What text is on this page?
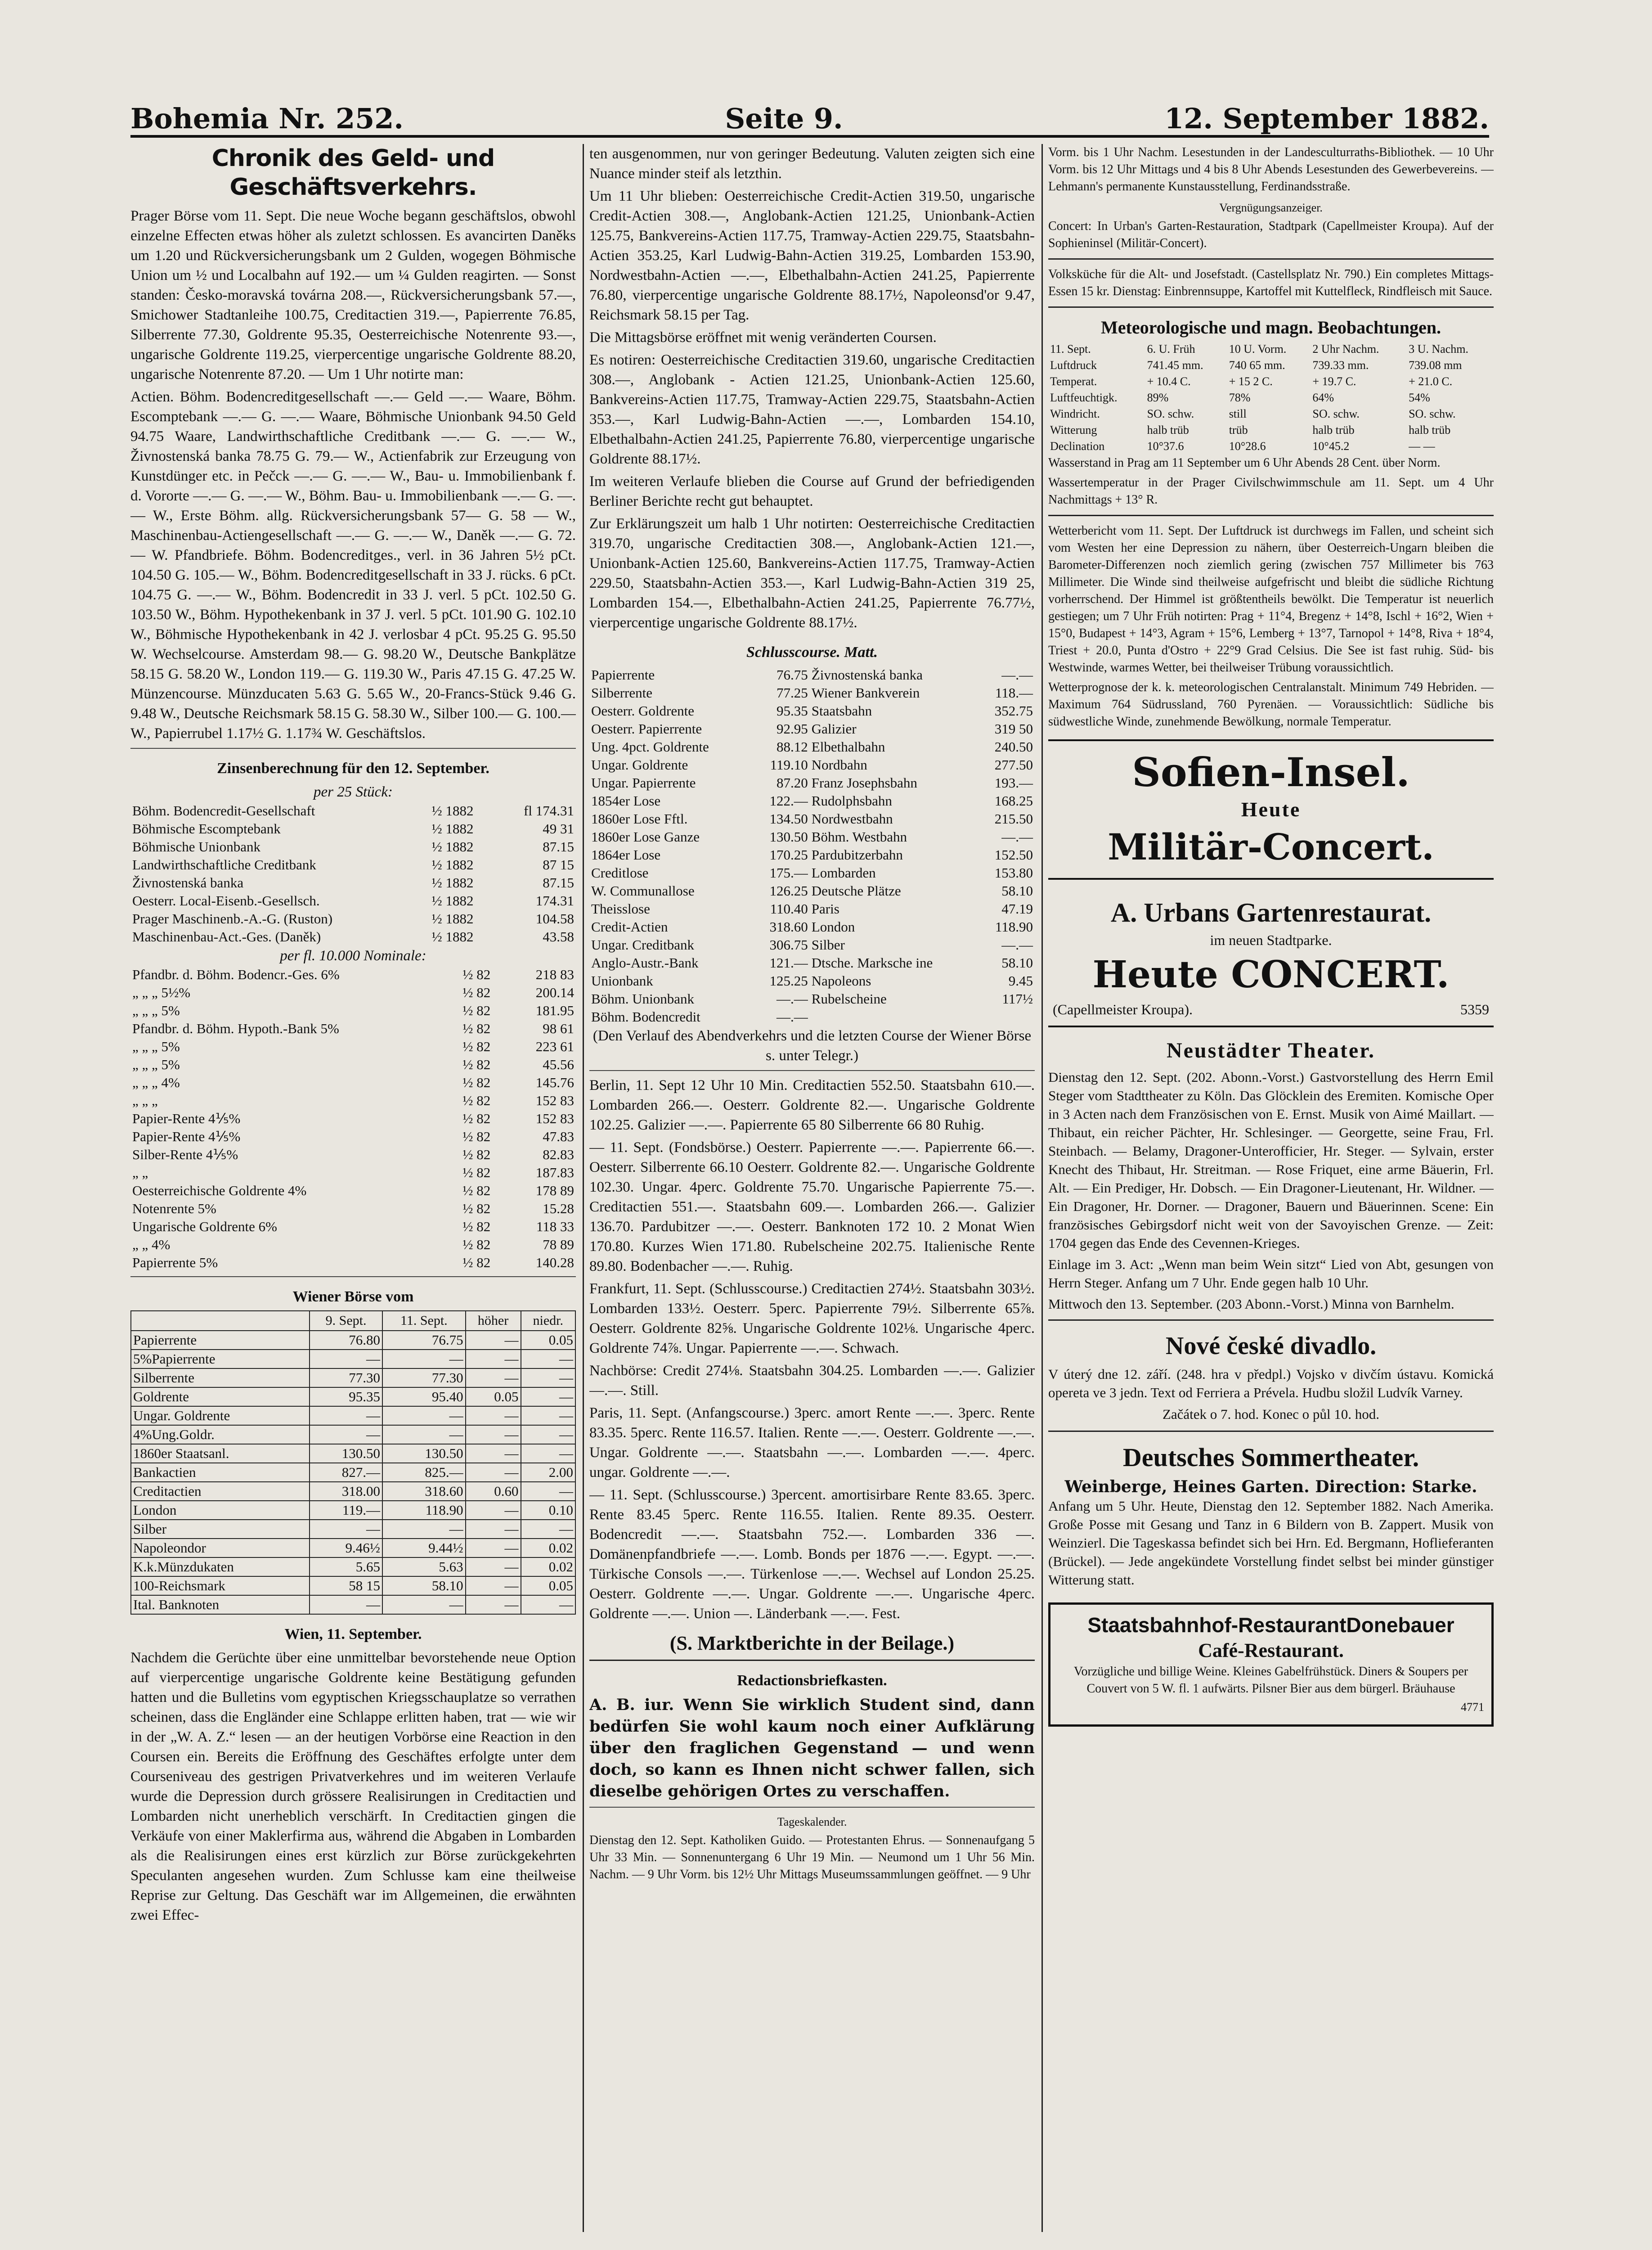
Bohemia Nr. 252.	Seite 9.	12. September 1882.
Chronik des Geld- und Geschäftsverkehrs.

Prager Börse vom 11. Sept. Die neue Woche begann geschäftslos, obwohl einzelne Effecten etwas höher als zuletzt schlossen. Es avancirten Daněks um 1.20 und Rückversicherungsbank um 2 Gulden, wogegen Böhmische Union um ½ und Localbahn auf 192.— um ¼ Gulden reagirten. — Sonst standen: Česko-moravská továrna 208.—, Rückversicherungsbank 57.—, Smichower Stadtanleihe 100.75, Creditactien 319.—, Papierrente 76.85, Silberrente 77.30, Goldrente 95.35, Oesterreichische Notenrente 93.—, ungarische Goldrente 119.25, vierpercentige ungarische Goldrente 88.20, ungarische Notenrente 87.20. — Um 1 Uhr notirte man:

Actien. Böhm. Bodencreditgesellschaft —.— Geld —.— Waare, Böhm. Escomptebank —.— G. —.— Waare, Böhmische Unionbank 94.50 Geld 94.75 Waare, Landwirthschaftliche Creditbank —.— G. —.— W., Živnostenská banka 78.75 G. 79.— W., Actienfabrik zur Erzeugung von Kunstdünger etc. in Pečck —.— G. —.— W., Bau- u. Immobilienbank f. d. Vororte —.— G. —.— W., Böhm. Bau- u. Immobilienbank —.— G. —.— W., Erste Böhm. allg. Rückversicherungsbank 57— G. 58 — W., Maschinenbau-Actiengesellschaft —.— G. —.— W., Daněk —.— G. 72.— W. Pfandbriefe. Böhm. Bodencreditges., verl. in 36 Jahren 5½ pCt. 104.50 G. 105.— W., Böhm. Bodencreditgesellschaft in 33 J. rücks. 6 pCt. 104.75 G. —.— W., Böhm. Bodencredit in 33 J. verl. 5 pCt. 102.50 G. 103.50 W., Böhm. Hypothekenbank in 37 J. verl. 5 pCt. 101.90 G. 102.10 W., Böhmische Hypothekenbank in 42 J. verlosbar 4 pCt. 95.25 G. 95.50 W. Wechselcourse. Amsterdam 98.— G. 98.20 W., Deutsche Bankplätze 58.15 G. 58.20 W., London 119.— G. 119.30 W., Paris 47.15 G. 47.25 W. Münzencourse. Münzducaten 5.63 G. 5.65 W., 20-Francs-Stück 9.46 G. 9.48 W., Deutsche Reichsmark 58.15 G. 58.30 W., Silber 100.— G. 100.— W., Papierrubel 1.17½ G. 1.17¾ W. Geschäftslos.

Zinsenberechnung für den 12. September.
per 25 Stück:
Böhm. Bodencredit-Gesellschaft	½ 1882	fl 174.31
Böhmische Escomptebank	½ 1882	49 31
Böhmische Unionbank	½ 1882	87.15
Landwirthschaftliche Creditbank	½ 1882	87 15
Živnostenská banka	½ 1882	87.15
Oesterr. Local-Eisenb.-Gesellsch.	½ 1882	174.31
Prager Maschinenb.-A.-G. (Ruston)	½ 1882	104.58
Maschinenbau-Act.-Ges. (Daněk)	½ 1882	43.58
per fl. 10.000 Nominale:
Pfandbr. d. Böhm. Bodencr.-Ges. 6%	½ 82	218 83
„ „ „ 5½%	½ 82	200.14
„ „ „ 5%	½ 82	181.95
Pfandbr. d. Böhm. Hypoth.-Bank 5%	½ 82	98 61
„ „ „ 5%	½ 82	223 61
„ „ „ 5%	½ 82	45.56
„ „ „ 4%	½ 82	145.76
„ „ „	½ 82	152 83
Papier-Rente 4⅕%	½ 82	152 83
Papier-Rente 4⅕%	½ 82	47.83
Silber-Rente 4⅕%	½ 82	82.83
„ „	½ 82	187.83
Oesterreichische Goldrente 4%	½ 82	178 89
Notenrente 5%	½ 82	15.28
Ungarische Goldrente 6%	½ 82	118 33
„ „ 4%	½ 82	78 89
Papierrente 5%	½ 82	140.28
Wiener Börse vom
	9. Sept.	11. Sept.	höher	niedr.
Papierrente	76.80	76.75	—	0.05
5%Papierrente	—	—	—	—
Silberrente	77.30	77.30	—	—
Goldrente	95.35	95.40	0.05	—
Ungar. Goldrente	—	—	—	—
4%Ung.Goldr.	—	—	—	—
1860er Staatsanl.	130.50	130.50	—	—
Bankactien	827.—	825.—	—	2.00
Creditactien	318.00	318.60	0.60	—
London	119.—	118.90	—	0.10
Silber	—	—	—	—
Napoleondor	9.46½	9.44½	—	0.02
K.k.Münzdukaten	5.65	5.63	—	0.02
100-Reichsmark	58 15	58.10	—	0.05
Ital. Banknoten	—	—	—	—
Wien, 11. September.

Nachdem die Gerüchte über eine unmittelbar bevorstehende neue Option auf vierpercentige ungarische Goldrente keine Bestätigung gefunden hatten und die Bulletins vom egyptischen Kriegsschauplatze so verrathen scheinen, dass die Engländer eine Schlappe erlitten haben, trat — wie wir in der „W. A. Z.“ lesen — an der heutigen Vorbörse eine Reaction in den Coursen ein. Bereits die Eröffnung des Geschäftes erfolgte unter dem Courseniveau des gestrigen Privatverkehres und im weiteren Verlaufe wurde die Depression durch grössere Realisirungen in Creditactien und Lombarden nicht unerheblich verschärft. In Creditactien gingen die Verkäufe von einer Maklerfirma aus, während die Abgaben in Lombarden als die Realisirungen eines erst kürzlich zur Börse zurückgekehrten Speculanten angesehen wurden. Zum Schlusse kam eine theilweise Reprise zur Geltung. Das Geschäft war im Allgemeinen, die erwähnten zwei Effec-

ten ausgenommen, nur von geringer Bedeutung. Valuten zeigten sich eine Nuance minder steif als letzthin.

Um 11 Uhr blieben: Oesterreichische Credit-Actien 319.50, ungarische Credit-Actien 308.—, Anglobank-Actien 121.25, Unionbank-Actien 125.75, Bankvereins-Actien 117.75, Tramway-Actien 229.75, Staatsbahn-Actien 353.25, Karl Ludwig-Bahn-Actien 319.25, Lombarden 153.90, Nordwestbahn-Actien —.—, Elbethalbahn-Actien 241.25, Papierrente 76.80, vierpercentige ungarische Goldrente 88.17½, Napoleonsd'or 9.47, Reichsmark 58.15 per Tag.

Die Mittagsbörse eröffnet mit wenig veränderten Coursen.

Es notiren: Oesterreichische Creditactien 319.60, ungarische Creditactien 308.—, Anglobank - Actien 121.25, Unionbank-Actien 125.60, Bankvereins-Actien 117.75, Tramway-Actien 229.75, Staatsbahn-Actien 353.—, Karl Ludwig-Bahn-Actien —.—, Lombarden 154.10, Elbethalbahn-Actien 241.25, Papierrente 76.80, vierpercentige ungarische Goldrente 88.17½.

Im weiteren Verlaufe blieben die Course auf Grund der befriedigenden Berliner Berichte recht gut behauptet.

Zur Erklärungszeit um halb 1 Uhr notirten: Oesterreichische Creditactien 319.70, ungarische Creditactien 308.—, Anglobank-Actien 121.—, Unionbank-Actien 125.60, Bankvereins-Actien 117.75, Tramway-Actien 229.50, Staatsbahn-Actien 353.—, Karl Ludwig-Bahn-Actien 319 25, Lombarden 154.—, Elbethalbahn-Actien 241.25, Papierrente 76.77½, vierpercentige ungarische Goldrente 88.17½.

Schlusscourse. Matt.
Papierrente	76.75	Živnostenská banka	—.—
Silberrente	77.25	Wiener Bankverein	118.—
Oesterr. Goldrente	95.35	Staatsbahn	352.75
Oesterr. Papierrente	92.95	Galizier	319 50
Ung. 4pct. Goldrente	88.12	Elbethalbahn	240.50
Ungar. Goldrente	119.10	Nordbahn	277.50
Ungar. Papierrente	87.20	Franz Josephsbahn	193.—
1854er Lose	122.—	Rudolphsbahn	168.25
1860er Lose Fftl.	134.50	Nordwestbahn	215.50
1860er Lose Ganze	130.50	Böhm. Westbahn	—.—
1864er Lose	170.25	Pardubitzerbahn	152.50
Creditlose	175.—	Lombarden	153.80
W. Communallose	126.25	Deutsche Plätze	58.10
Theisslose	110.40	Paris	47.19
Credit-Actien	318.60	London	118.90
Ungar. Creditbank	306.75	Silber	—.—
Anglo-Austr.-Bank	121.—	Dtsche. Marksche ine	58.10
Unionbank	125.25	Napoleons	9.45
Böhm. Unionbank	—.—	Rubelscheine	117½
Böhm. Bodencredit	—.—		

(Den Verlauf des Abendverkehrs und die letzten Course der Wiener Börse s. unter Telegr.)

Berlin, 11. Sept 12 Uhr 10 Min. Creditactien 552.50. Staatsbahn 610.—. Lombarden 266.—. Oesterr. Goldrente 82.—. Ungarische Goldrente 102.25. Galizier —.—. Papierrente 65 80 Silberrente 66 80 Ruhig.

— 11. Sept. (Fondsbörse.) Oesterr. Papierrente —.—. Papierrente 66.—. Oesterr. Silberrente 66.10 Oesterr. Goldrente 82.—. Ungarische Goldrente 102.30. Ungar. 4perc. Goldrente 75.70. Ungarische Papierrente 75.—. Creditactien 551.—. Staatsbahn 609.—. Lombarden 266.—. Galizier 136.70. Pardubitzer —.—. Oesterr. Banknoten 172 10. 2 Monat Wien 170.80. Kurzes Wien 171.80. Rubelscheine 202.75. Italienische Rente 89.80. Bodenbacher —.—. Ruhig.

Frankfurt, 11. Sept. (Schlusscourse.) Creditactien 274½. Staatsbahn 303½. Lombarden 133½. Oesterr. 5perc. Papierrente 79½. Silberrente 65⅞. Oesterr. Goldrente 82⅝. Ungarische Goldrente 102⅛. Ungarische 4perc. Goldrente 74⅞. Ungar. Papierrente —.—. Schwach.

Nachbörse: Credit 274⅛. Staatsbahn 304.25. Lombarden —.—. Galizier —.—. Still.

Paris, 11. Sept. (Anfangscourse.) 3perc. amort Rente —.—. 3perc. Rente 83.35. 5perc. Rente 116.57. Italien. Rente —.—. Oesterr. Goldrente —.—. Ungar. Goldrente —.—. Staatsbahn —.—. Lombarden —.—. 4perc. ungar. Goldrente —.—.

— 11. Sept. (Schlusscourse.) 3percent. amortisirbare Rente 83.65. 3perc. Rente 83.45 5perc. Rente 116.55. Italien. Rente 89.35. Oesterr. Bodencredit —.—. Staatsbahn 752.—. Lombarden 336 —. Domänenpfandbriefe —.—. Lomb. Bonds per 1876 —.—. Egypt. —.—. Türkische Consols —.—. Türkenlose —.—. Wechsel auf London 25.25. Oesterr. Goldrente —.—. Ungar. Goldrente —.—. Ungarische 4perc. Goldrente —.—. Union —. Länderbank —.—. Fest.

(S. Marktberichte in der Beilage.)
Redactionsbriefkasten.

A. B. iur. Wenn Sie wirklich Student sind, dann bedürfen Sie wohl kaum noch einer Aufklärung über den fraglichen Gegenstand — und wenn doch, so kann es Ihnen nicht schwer fallen, sich dieselbe gehörigen Ortes zu verschaffen.

Tageskalender.

Dienstag den 12. Sept. Katholiken Guido. — Protestanten Ehrus. — Sonnenaufgang 5 Uhr 33 Min. — Sonnenuntergang 6 Uhr 19 Min. — Neumond um 1 Uhr 56 Min. Nachm. — 9 Uhr Vorm. bis 12½ Uhr Mittags Museumssammlungen geöffnet. — 9 Uhr

Vorm. bis 1 Uhr Nachm. Lesestunden in der Landesculturraths-Bibliothek. — 10 Uhr Vorm. bis 12 Uhr Mittags und 4 bis 8 Uhr Abends Lesestunden des Gewerbevereins. — Lehmann's permanente Kunstausstellung, Ferdinandsstraße.

Vergnügungsanzeiger.

Concert: In Urban's Garten-Restauration, Stadtpark (Capellmeister Kroupa). Auf der Sophieninsel (Militär-Concert).

Volksküche für die Alt- und Josefstadt. (Castellsplatz Nr. 790.) Ein completes Mittags-Essen 15 kr. Dienstag: Einbrennsuppe, Kartoffel mit Kuttelfleck, Rindfleisch mit Sauce.

Meteorologische und magn. Beobachtungen.
11. Sept.	6. U. Früh	10 U. Vorm.	2 Uhr Nachm.	3 U. Nachm.
Luftdruck	741.45 mm.	740 65 mm.	739.33 mm.	739.08 mm
Temperat.	+ 10.4 C.	+ 15 2 C.	+ 19.7 C.	+ 21.0 C.
Luftfeuchtigk.	89%	78%	64%	54%
Windricht.	SO. schw.	still	SO. schw.	SO. schw.
Witterung	halb trüb	trüb	halb trüb	halb trüb
Declination	10°37.6	10°28.6	10°45.2	— —

Wasserstand in Prag am 11 September um 6 Uhr Abends 28 Cent. über Norm.

Wassertemperatur in der Prager Civilschwimmschule am 11. Sept. um 4 Uhr Nachmittags + 13° R.

Wetterbericht vom 11. Sept. Der Luftdruck ist durchwegs im Fallen, und scheint sich vom Westen her eine Depression zu nähern, über Oesterreich-Ungarn bleiben die Barometer-Differenzen noch ziemlich gering (zwischen 757 Millimeter bis 763 Millimeter. Die Winde sind theilweise aufgefrischt und bleibt die südliche Richtung vorherrschend. Der Himmel ist größtentheils bewölkt. Die Temperatur ist neuerlich gestiegen; um 7 Uhr Früh notirten: Prag + 11°4, Bregenz + 14°8, Ischl + 16°2, Wien + 15°0, Budapest + 14°3, Agram + 15°6, Lemberg + 13°7, Tarnopol + 14°8, Riva + 18°4, Triest + 20.0, Punta d'Ostro + 22°9 Grad Celsius. Die See ist fast ruhig. Süd- bis Westwinde, warmes Wetter, bei theilweiser Trübung voraussichtlich.

Wetterprognose der k. k. meteorologischen Centralanstalt. Minimum 749 Hebriden. — Maximum 764 Südrussland, 760 Pyrenäen. — Voraussichtlich: Südliche bis südwestliche Winde, zunehmende Bewölkung, normale Temperatur.

Sofien-Insel.
Heute
Militär-Concert.
A. Urbans Gartenrestaurat.
im neuen Stadtparke.
Heute CONCERT.
(Capellmeister Kroupa).	5359
Neustädter Theater.

Dienstag den 12. Sept. (202. Abonn.-Vorst.) Gastvorstellung des Herrn Emil Steger vom Stadttheater zu Köln. Das Glöcklein des Eremiten. Komische Oper in 3 Acten nach dem Französischen von E. Ernst. Musik von Aimé Maillart. — Thibaut, ein reicher Pächter, Hr. Schlesinger. — Georgette, seine Frau, Frl. Steinbach. — Belamy, Dragoner-Unterofficier, Hr. Steger. — Sylvain, erster Knecht des Thibaut, Hr. Streitman. — Rose Friquet, eine arme Bäuerin, Frl. Alt. — Ein Prediger, Hr. Dobsch. — Ein Dragoner-Lieutenant, Hr. Wildner. — Ein Dragoner, Hr. Dorner. — Dragoner, Bauern und Bäuerinnen. Scene: Ein französisches Gebirgsdorf nicht weit von der Savoyischen Grenze. — Zeit: 1704 gegen das Ende des Cevennen-Krieges.

Einlage im 3. Act: „Wenn man beim Wein sitzt“ Lied von Abt, gesungen von Herrn Steger. Anfang um 7 Uhr. Ende gegen halb 10 Uhr.

Mittwoch den 13. September. (203 Abonn.-Vorst.) Minna von Barnhelm.

Nové české divadlo.

V úterý dne 12. září. (248. hra v předpl.) Vojsko v divčím ústavu. Komická opereta ve 3 jedn. Text od Ferriera a Prévela. Hudbu složil Ludvík Varney.

Začátek o 7. hod. Konec o půl 10. hod.

Deutsches Sommertheater.
Weinberge, Heines Garten. Direction: Starke.

Anfang um 5 Uhr. Heute, Dienstag den 12. September 1882. Nach Amerika. Große Posse mit Gesang und Tanz in 6 Bildern von B. Zappert. Musik von Weinzierl. Die Tageskassa befindet sich bei Hrn. Ed. Bergmann, Hoflieferanten (Brückel). — Jede angekündete Vorstellung findet selbst bei minder günstiger Witterung statt.

Staatsbahnhof-RestaurantDonebauer
Café-Restaurant.
Vorzügliche und billige Weine. Kleines Gabelfrühstück. Diners & Soupers per Couvert von 5 W. fl. 1 aufwärts. Pilsner Bier aus dem bürgerl. Bräuhause
4771
